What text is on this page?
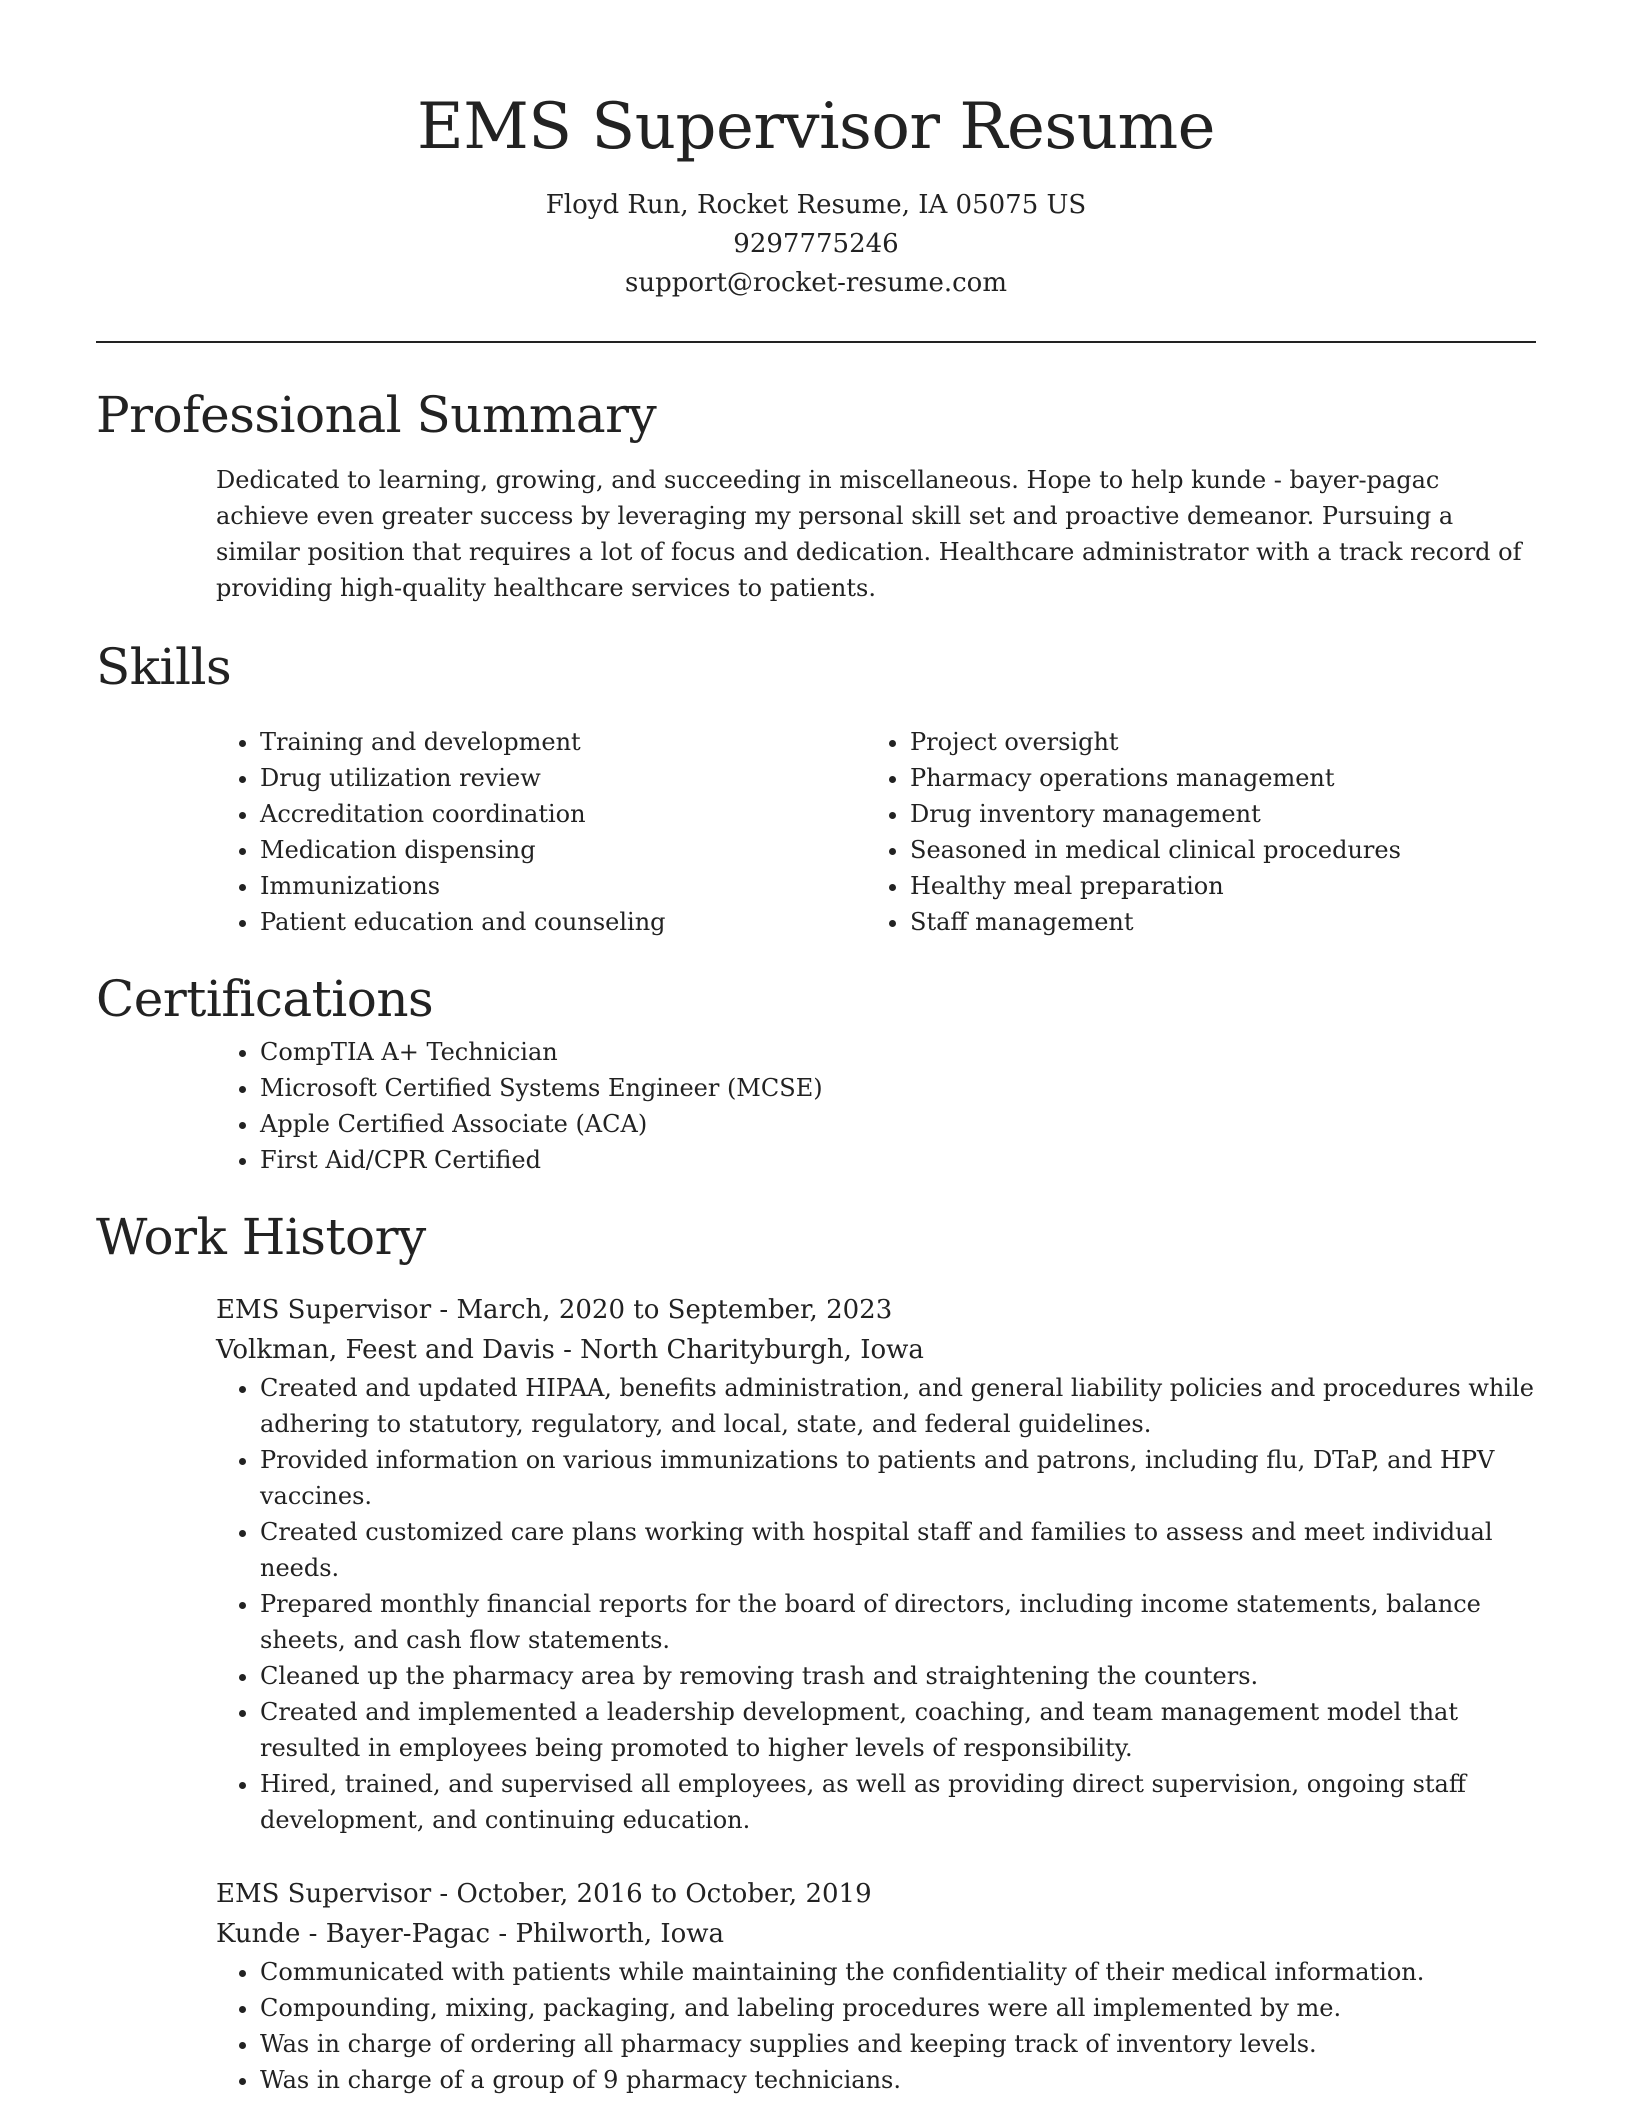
EMS Supervisor Resume
Floyd Run, Rocket Resume, IA 05075 US
9297775246
support@rocket-resume.com
Professional Summary

Dedicated to learning, growing, and succeeding in miscellaneous. Hope to help kunde - bayer-pagac achieve even greater success by leveraging my personal skill set and proactive demeanor. Pursuing a similar position that requires a lot of focus and dedication. Healthcare administrator with a track record of providing high-quality healthcare services to patients.

Skills
• Training and development
• Drug utilization review
• Accreditation coordination
• Medication dispensing
• Immunizations
• Patient education and counseling
• Project oversight
• Pharmacy operations management
• Drug inventory management
• Seasoned in medical clinical procedures
• Healthy meal preparation
• Staff management
Certifications
• CompTIA A+ Technician
• Microsoft Certified Systems Engineer (MCSE)
• Apple Certified Associate (ACA)
• First Aid/CPR Certified
Work History
EMS Supervisor - March, 2020 to September, 2023
Volkman, Feest and Davis - North Charityburgh, Iowa
• Created and updated HIPAA, benefits administration, and general liability policies and procedures while adhering to statutory, regulatory, and local, state, and federal guidelines.
• Provided information on various immunizations to patients and patrons, including flu, DTaP, and HPV vaccines.
• Created customized care plans working with hospital staff and families to assess and meet individual needs.
• Prepared monthly financial reports for the board of directors, including income statements, balance sheets, and cash flow statements.
• Cleaned up the pharmacy area by removing trash and straightening the counters.
• Created and implemented a leadership development, coaching, and team management model that resulted in employees being promoted to higher levels of responsibility.
• Hired, trained, and supervised all employees, as well as providing direct supervision, ongoing staff development, and continuing education.
EMS Supervisor - October, 2016 to October, 2019
Kunde - Bayer-Pagac - Philworth, Iowa
• Communicated with patients while maintaining the confidentiality of their medical information.
• Compounding, mixing, packaging, and labeling procedures were all implemented by me.
• Was in charge of ordering all pharmacy supplies and keeping track of inventory levels.
• Was in charge of a group of 9 pharmacy technicians.
